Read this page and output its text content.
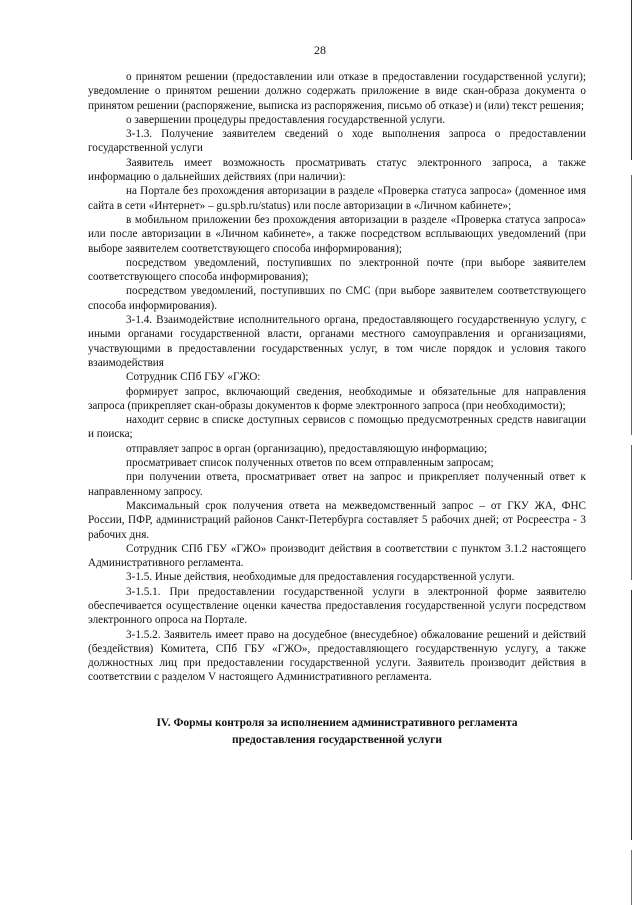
28

о принятом решении (предоставлении или отказе в предоставлении государственной услуги); уведомление о принятом решении должно содержать приложение в виде скан-образа документа о принятом решении (распоряжение, выписка из распоряжения, письмо об отказе) и (или) текст решения;

о завершении процедуры предоставления государственной услуги.

3-1.3. Получение заявителем сведений о ходе выполнения запроса о предоставлении государственной услуги

Заявитель имеет возможность просматривать статус электронного запроса, а также информацию о дальнейших действиях (при наличии):

на Портале без прохождения авторизации в разделе «Проверка статуса запроса» (доменное имя сайта в сети «Интернет» – gu.spb.ru/status) или после авторизации в «Личном кабинете»;

в мобильном приложении без прохождения авторизации в разделе «Проверка статуса запроса» или после авторизации в «Личном кабинете», а также посредством всплывающих уведомлений (при выборе заявителем соответствующего способа информирования);

посредством уведомлений, поступивших по электронной почте (при выборе заявителем соответствующего способа информирования);

посредством уведомлений, поступивших по СМС (при выборе заявителем соответствующего способа информирования).

3-1.4. Взаимодействие исполнительного органа, предоставляющего государственную услугу, с иными органами государственной власти, органами местного самоуправления и организациями, участвующими в предоставлении государственных услуг, в том числе порядок и условия такого взаимодействия

Сотрудник СПб ГБУ «ГЖО:

формирует запрос, включающий сведения, необходимые и обязательные для направления запроса (прикрепляет скан-образы документов к форме электронного запроса (при необходимости);

находит сервис в списке доступных сервисов с помощью предусмотренных средств навигации и поиска;

отправляет запрос в орган (организацию), предоставляющую информацию;

просматривает список полученных ответов по всем отправленным запросам;

при получении ответа, просматривает ответ на запрос и прикрепляет полученный ответ к направленному запросу.

Максимальный срок получения ответа на межведомственный запрос – от ГКУ ЖА, ФНС России, ПФР, администраций районов Санкт-Петербурга составляет 5 рабочих дней; от Росреестра - 3 рабочих дня.

Сотрудник СПб ГБУ «ГЖО» производит действия в соответствии с пунктом 3.1.2 настоящего Административного регламента.

3-1.5. Иные действия, необходимые для предоставления государственной услуги.

3-1.5.1. При предоставлении государственной услуги в электронной форме заявителю обеспечивается осуществление оценки качества предоставления государственной услуги посредством электронного опроса на Портале.

3-1.5.2. Заявитель имеет право на досудебное (внесудебное) обжалование решений и действий (бездействия) Комитета, СПб ГБУ «ГЖО», предоставляющего государственную услугу, а также должностных лиц при предоставлении государственной услуги. Заявитель производит действия в соответствии с разделом V настоящего Административного регламента.

IV. Формы контроля за исполнением административного регламента
предоставления государственной услуги
